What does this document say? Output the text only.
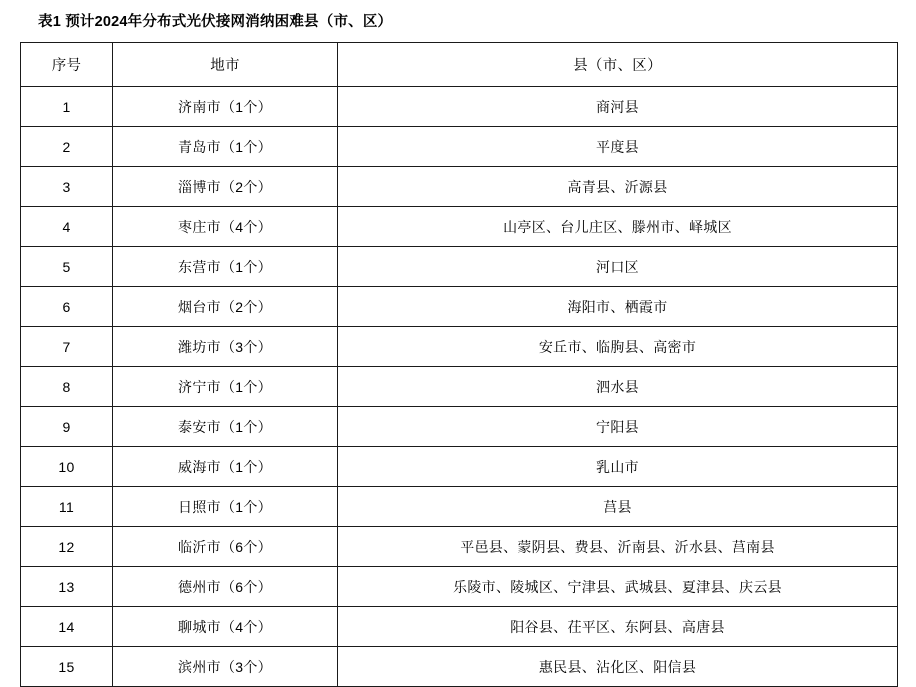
表1 预计2024年分布式光伏接网消纳困难县（市、区）
序号	地市	县（市、区）

1	济南市（1个）	商河县

2	青岛市（1个）	平度县

3	淄博市（2个）	高青县、沂源县

4	枣庄市（4个）	山亭区、台儿庄区、滕州市、峄城区

5	东营市（1个）	河口区

6	烟台市（2个）	海阳市、栖霞市

7	潍坊市（3个）	安丘市、临朐县、高密市

8	济宁市（1个）	泗水县

9	泰安市（1个）	宁阳县

10	威海市（1个）	乳山市

11	日照市（1个）	莒县

12	临沂市（6个）	平邑县、蒙阴县、费县、沂南县、沂水县、莒南县

13	德州市（6个）	乐陵市、陵城区、宁津县、武城县、夏津县、庆云县

14	聊城市（4个）	阳谷县、茌平区、东阿县、高唐县

15	滨州市（3个）	惠民县、沾化区、阳信县
